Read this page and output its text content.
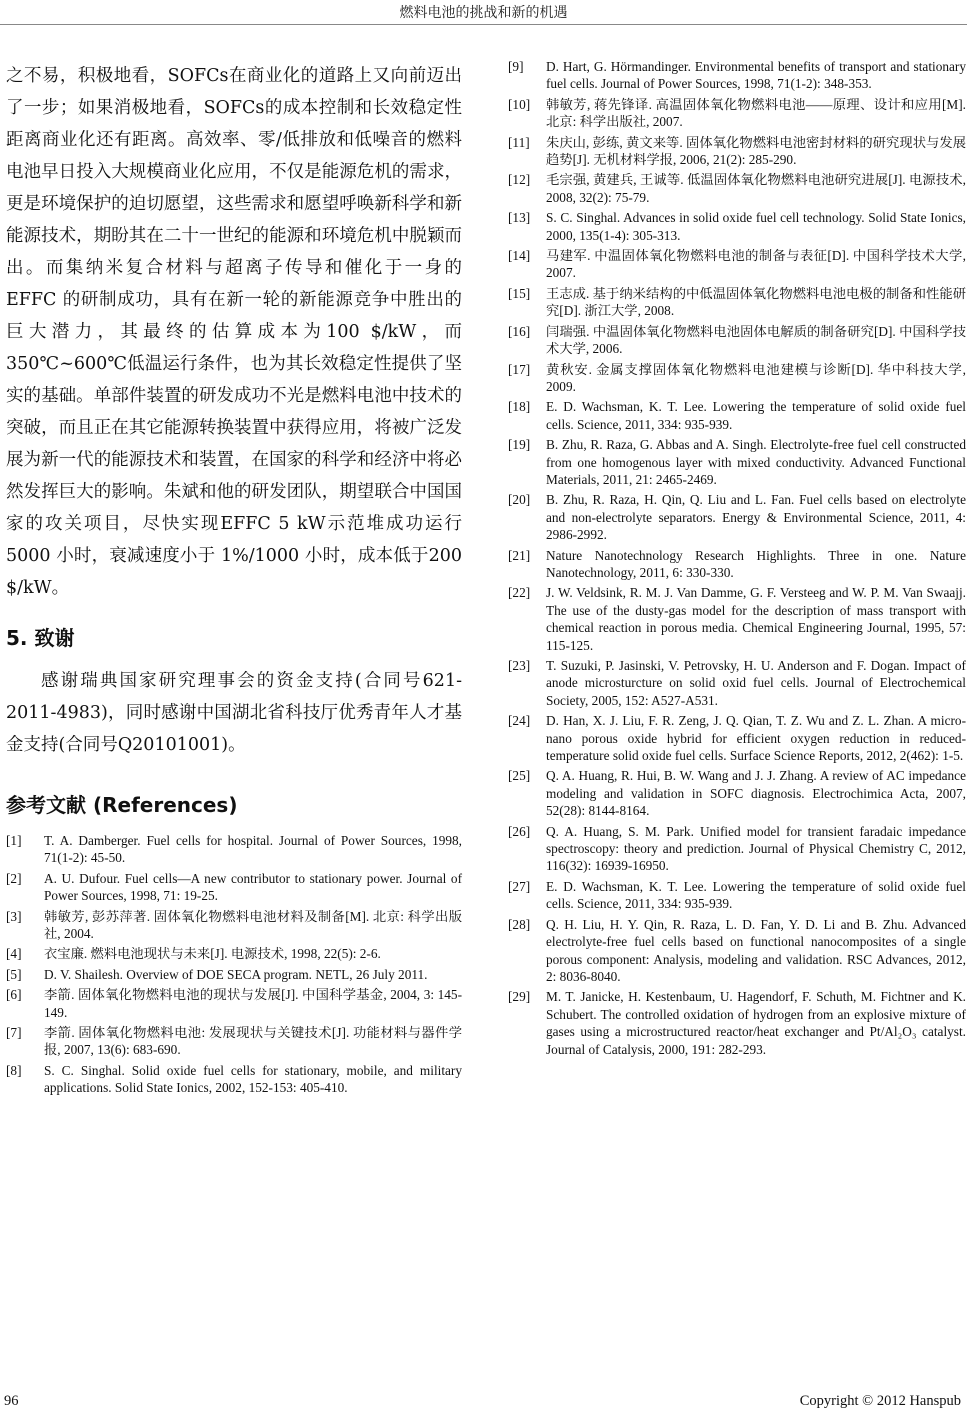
燃料电池的挑战和新的机遇

之不易，积极地看，SOFCs在商业化的道路上又向前迈出了一步；如果消极地看，SOFCs的成本控制和长效稳定性距离商业化还有距离。高效率、零/低排放和低噪音的燃料电池早日投入大规模商业化应用，不仅是能源危机的需求，更是环境保护的迫切愿望，这些需求和愿望呼唤新科学和新能源技术，期盼其在二十一世纪的能源和环境危机中脱颖而出。而集纳米复合材料与超离子传导和催化于一身的 EFFC 的研制成功，具有在新一轮的新能源竞争中胜出的巨大潜力，其最终的估算成本为100 $/kW，而350℃~600℃低温运行条件，也为其长效稳定性提供了坚实的基础。单部件装置的研发成功不光是燃料电池中技术的突破，而且正在其它能源转换装置中获得应用，将被广泛发展为新一代的能源技术和装置，在国家的科学和经济中将必然发挥巨大的影响。朱斌和他的研发团队，期望联合中国国家的攻关项目，尽快实现EFFC 5 kW示范堆成功运行 5000 小时，衰减速度小于 1%/1000 小时，成本低于200 $/kW。

5. 致谢

感谢瑞典国家研究理事会的资金支持(合同号621-2011-4983)，同时感谢中国湖北省科技厅优秀青年人才基金支持(合同号Q20101001)。

参考文献 (References)
[1]	T. A. Damberger. Fuel cells for hospital. Journal of Power Sources, 1998, 71(1-2): 45-50.
[2]	A. U. Dufour. Fuel cells—A new contributor to stationary power. Journal of Power Sources, 1998, 71: 19-25.
[3]	韩敏芳, 彭苏萍著. 固体氧化物燃料电池材料及制备[M]. 北京: 科学出版社, 2004.
[4]	衣宝廉. 燃料电池现状与未来[J]. 电源技术, 1998, 22(5): 2-6.
[5]	D. V. Shailesh. Overview of DOE SECA program. NETL, 26 July 2011.
[6]	李箭. 固体氧化物燃料电池的现状与发展[J]. 中国科学基金, 2004, 3: 145-149.
[7]	李箭. 固体氧化物燃料电池: 发展现状与关键技术[J]. 功能材料与器件学报, 2007, 13(6): 683-690.
[8]	S. C. Singhal. Solid oxide fuel cells for stationary, mobile, and military applications. Solid State Ionics, 2002, 152-153: 405-410.
[9]	D. Hart, G. Hörmandinger. Environmental benefits of transport and stationary fuel cells. Journal of Power Sources, 1998, 71(1-2): 348-353.
[10]	韩敏芳, 蒋先锋译. 高温固体氧化物燃料电池——原理、设计和应用[M]. 北京: 科学出版社, 2007.
[11]	朱庆山, 彭练, 黄文来等. 固体氧化物燃料电池密封材料的研究现状与发展趋势[J]. 无机材料学报, 2006, 21(2): 285-290.
[12]	毛宗强, 黄建兵, 王诚等. 低温固体氧化物燃料电池研究进展[J]. 电源技术, 2008, 32(2): 75-79.
[13]	S. C. Singhal. Advances in solid oxide fuel cell technology. Solid State Ionics, 2000, 135(1-4): 305-313.
[14]	马建军. 中温固体氧化物燃料电池的制备与表征[D]. 中国科学技术大学, 2007.
[15]	王志成. 基于纳米结构的中低温固体氧化物燃料电池电极的制备和性能研究[D]. 浙江大学, 2008.
[16]	闫瑞强. 中温固体氧化物燃料电池固体电解质的制备研究[D]. 中国科学技术大学, 2006.
[17]	黄秋安. 金属支撑固体氧化物燃料电池建模与诊断[D]. 华中科技大学, 2009.
[18]	E. D. Wachsman, K. T. Lee. Lowering the temperature of solid oxide fuel cells. Science, 2011, 334: 935-939.
[19]	B. Zhu, R. Raza, G. Abbas and A. Singh. Electrolyte-free fuel cell constructed from one homogenous layer with mixed conductivity. Advanced Functional Materials, 2011, 21: 2465-2469.
[20]	B. Zhu, R. Raza, H. Qin, Q. Liu and L. Fan. Fuel cells based on electrolyte and non-electrolyte separators. Energy & Environmental Science, 2011, 4: 2986-2992.
[21]	Nature Nanotechnology Research Highlights. Three in one. Nature Nanotechnology, 2011, 6: 330-330.
[22]	J. W. Veldsink, R. M. J. Van Damme, G. F. Versteeg and W. P. M. Van Swaajj. The use of the dusty-gas model for the description of mass transport with chemical reaction in porous media. Chemical Engineering Journal, 1995, 57: 115-125.
[23]	T. Suzuki, P. Jasinski, V. Petrovsky, H. U. Anderson and F. Dogan. Impact of anode microsturcture on solid oxid fuel cells. Journal of Electrochemical Society, 2005, 152: A527-A531.
[24]	D. Han, X. J. Liu, F. R. Zeng, J. Q. Qian, T. Z. Wu and Z. L. Zhan. A micro-nano porous oxide hybrid for efficient oxygen reduction in reduced-temperature solid oxide fuel cells. Surface Science Reports, 2012, 2(462): 1-5.
[25]	Q. A. Huang, R. Hui, B. W. Wang and J. J. Zhang. A review of AC impedance modeling and validation in SOFC diagnosis. Electrochimica Acta, 2007, 52(28): 8144-8164.
[26]	Q. A. Huang, S. M. Park. Unified model for transient faradaic impedance spectroscopy: theory and prediction. Journal of Physical Chemistry C, 2012, 116(32): 16939-16950.
[27]	E. D. Wachsman, K. T. Lee. Lowering the temperature of solid oxide fuel cells. Science, 2011, 334: 935-939.
[28]	Q. H. Liu, H. Y. Qin, R. Raza, L. D. Fan, Y. D. Li and B. Zhu. Advanced electrolyte-free fuel cells based on functional nanocomposites of a single porous component: Analysis, modeling and validation. RSC Advances, 2012, 2: 8036-8040.
[29]	M. T. Janicke, H. Kestenbaum, U. Hagendorf, F. Schuth, M. Fichtner and K. Schubert. The controlled oxidation of hydrogen from an explosive mixture of gases using a microstructured reactor/heat exchanger and Pt/Al₂O₃ catalyst. Journal of Catalysis, 2000, 191: 282-293.
96	Copyright © 2012 Hanspub
